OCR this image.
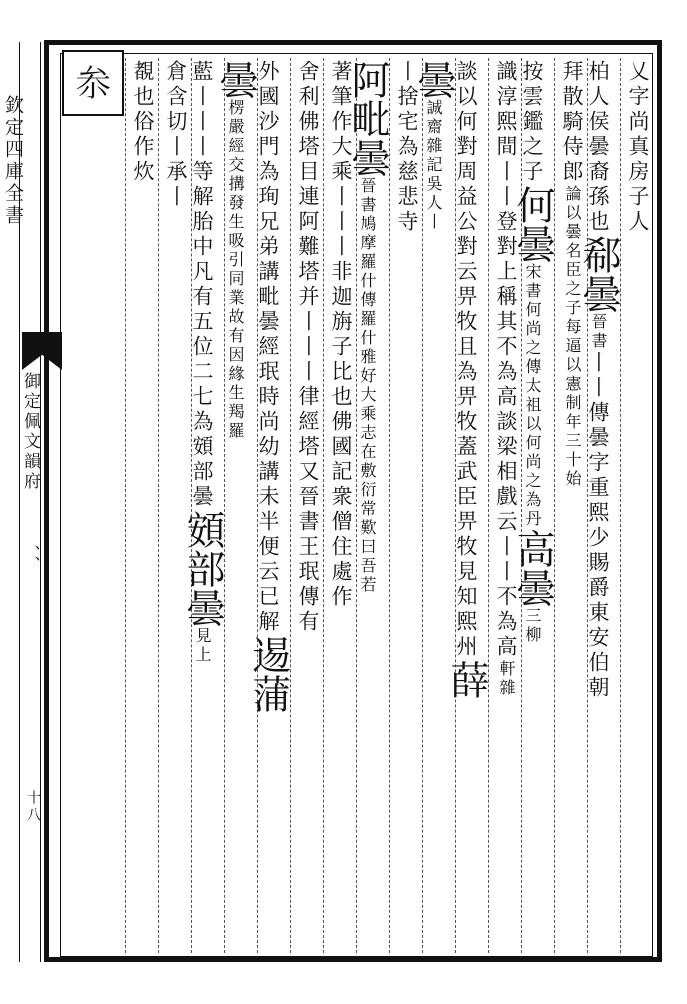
欽定四庫全書
御定佩文韻府
、、
十八
𠫭	乂字尚真房子人
柏人侯曇裔孫也郗曇晉書丨丨傳曇字重熙少賜爵東安伯朝
拜散騎侍郎論以曇名臣之子每逼以憲制年三十始
按雲鑑之子何曇宋書何尚之傳太祖以何尚之為丹高曇三柳
識淳熙間丨丨登對上稱其不為高談梁相戲云丨丨不為高軒雜
談以何對周益公對云畀牧且為畀牧蓋武臣畀牧見知熙州薛
曇誠齋雜記吳人丨
丨捨宅為慈悲寺
阿毗曇晉書鳩摩羅什傳羅什雅好大乘志在敷衍常歎曰吾若
著筆作大乘丨丨丨非迦旃子比也佛國記衆僧住處作
舍利佛塔目連阿難塔并丨丨丨律經塔又晉書王珉傳有
外國沙門為珣兄弟講毗曇經珉時尚幼講未半便云已解逷蒲
曇楞嚴經交搆發生吸引同業故有因緣生羯羅
藍丨丨丨等解胎中凡有五位二七為頞部曇頞部曇見上
倉含切丨承丨
覩也俗作炊
